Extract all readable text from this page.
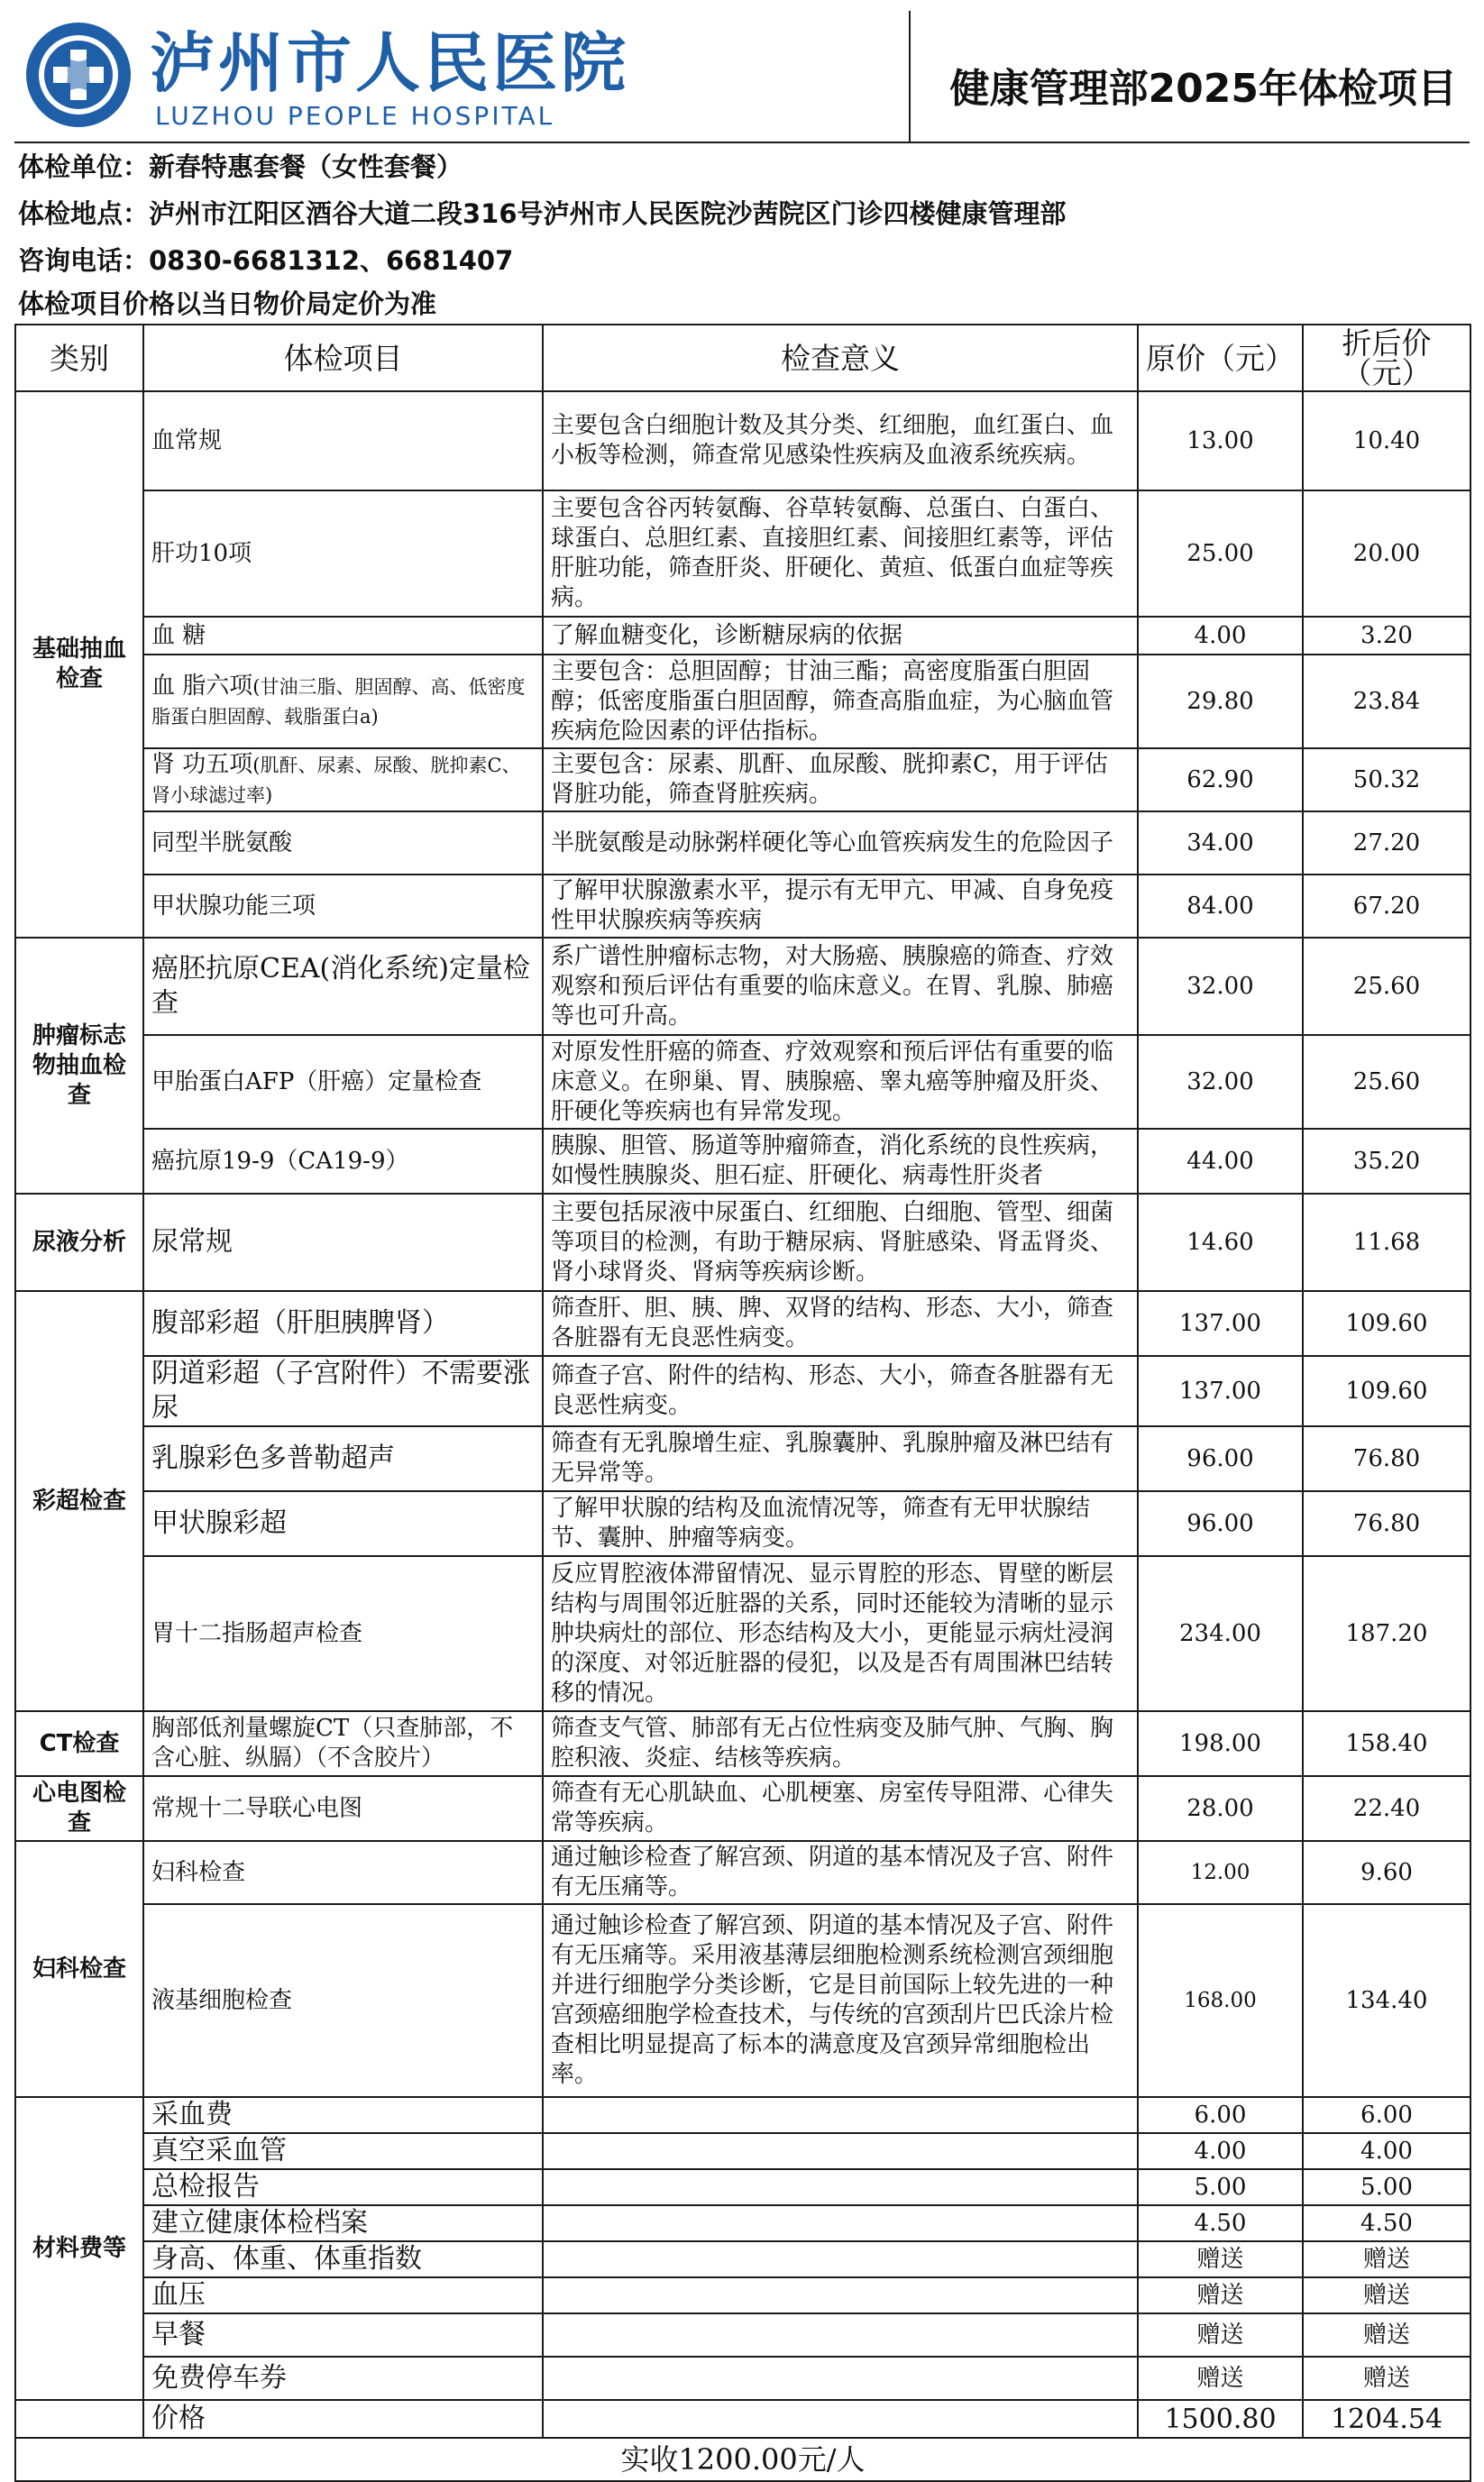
泸州市人民医院
LUZHOU PEOPLE HOSPITAL
健康管理部2025年体检项目
体检单位：新春特惠套餐（女性套餐）
体检地点：泸州市江阳区酒谷大道二段316号泸州市人民医院沙茜院区门诊四楼健康管理部
咨询电话：0830-6681312、6681407
体检项目价格以当日物价局定价为准
类别	体检项目	检查意义	原价（元）	折后价（元）
基础抽血检查	血常规	主要包含白细胞计数及其分类、红细胞，血红蛋白、血小板等检测，筛查常见感染性疾病及血液系统疾病。	13.00	10.40
	肝功10项	主要包含谷丙转氨酶、谷草转氨酶、总蛋白、白蛋白、球蛋白、总胆红素、直接胆红素、间接胆红素等，评估肝脏功能，筛查肝炎、肝硬化、黄疸、低蛋白血症等疾病。	25.00	20.00
	血 糖	了解血糖变化，诊断糖尿病的依据	4.00	3.20
	血 脂六项(甘油三脂、胆固醇、高、低密度脂蛋白胆固醇、载脂蛋白a)	主要包含：总胆固醇；甘油三酯；高密度脂蛋白胆固醇；低密度脂蛋白胆固醇，筛查高脂血症，为心脑血管疾病危险因素的评估指标。	29.80	23.84
	肾 功五项(肌酐、尿素、尿酸、胱抑素C、肾小球滤过率)	主要包含：尿素、肌酐、血尿酸、胱抑素C，用于评估肾脏功能，筛查肾脏疾病。	62.90	50.32
	同型半胱氨酸	半胱氨酸是动脉粥样硬化等心血管疾病发生的危险因子	34.00	27.20
	甲状腺功能三项	了解甲状腺激素水平，提示有无甲亢、甲减、自身免疫性甲状腺疾病等疾病	84.00	67.20
肿瘤标志物抽血检查	癌胚抗原CEA(消化系统)定量检查	系广谱性肿瘤标志物，对大肠癌、胰腺癌的筛查、疗效观察和预后评估有重要的临床意义。在胃、乳腺、肺癌等也可升高。	32.00	25.60
	甲胎蛋白AFP（肝癌）定量检查	对原发性肝癌的筛查、疗效观察和预后评估有重要的临床意义。在卵巢、胃、胰腺癌、睾丸癌等肿瘤及肝炎、肝硬化等疾病也有异常发现。	32.00	25.60
	癌抗原19-9（CA19-9）	胰腺、胆管、肠道等肿瘤筛查，消化系统的良性疾病，如慢性胰腺炎、胆石症、肝硬化、病毒性肝炎者	44.00	35.20
尿液分析	尿常规	主要包括尿液中尿蛋白、红细胞、白细胞、管型、细菌等项目的检测，有助于糖尿病、肾脏感染、肾盂肾炎、肾小球肾炎、肾病等疾病诊断。	14.60	11.68
彩超检查	腹部彩超（肝胆胰脾肾）	筛查肝、胆、胰、脾、双肾的结构、形态、大小，筛查各脏器有无良恶性病变。	137.00	109.60
	阴道彩超（子宫附件）不需要涨尿	筛查子宫、附件的结构、形态、大小，筛查各脏器有无良恶性病变。	137.00	109.60
	乳腺彩色多普勒超声	筛查有无乳腺增生症、乳腺囊肿、乳腺肿瘤及淋巴结有无异常等。	96.00	76.80
	甲状腺彩超	了解甲状腺的结构及血流情况等，筛查有无甲状腺结节、囊肿、肿瘤等病变。	96.00	76.80
	胃十二指肠超声检查	反应胃腔液体滞留情况、显示胃腔的形态、胃壁的断层结构与周围邻近脏器的关系，同时还能较为清晰的显示肿块病灶的部位、形态结构及大小，更能显示病灶浸润的深度、对邻近脏器的侵犯，以及是否有周围淋巴结转移的情况。	234.00	187.20
CT检查	胸部低剂量螺旋CT（只查肺部，不含心脏、纵膈）（不含胶片）	筛查支气管、肺部有无占位性病变及肺气肿、气胸、胸腔积液、炎症、结核等疾病。	198.00	158.40
心电图检查	常规十二导联心电图	筛查有无心肌缺血、心肌梗塞、房室传导阻滞、心律失常等疾病。	28.00	22.40
妇科检查	妇科检查	通过触诊检查了解宫颈、阴道的基本情况及子宫、附件有无压痛等。	12.00	9.60
	液基细胞检查	通过触诊检查了解宫颈、阴道的基本情况及子宫、附件有无压痛等。采用液基薄层细胞检测系统检测宫颈细胞并进行细胞学分类诊断，它是目前国际上较先进的一种宫颈癌细胞学检查技术，与传统的宫颈刮片巴氏涂片检查相比明显提高了标本的满意度及宫颈异常细胞检出率。	168.00	134.40
材料费等	采血费		6.00	6.00
	真空采血管		4.00	4.00
	总检报告		5.00	5.00
	建立健康体检档案		4.50	4.50
	身高、体重、体重指数		赠送	赠送
	血压		赠送	赠送
	早餐		赠送	赠送
	免费停车券		赠送	赠送
	价格		1500.80	1204.54
实收1200.00元/人				
